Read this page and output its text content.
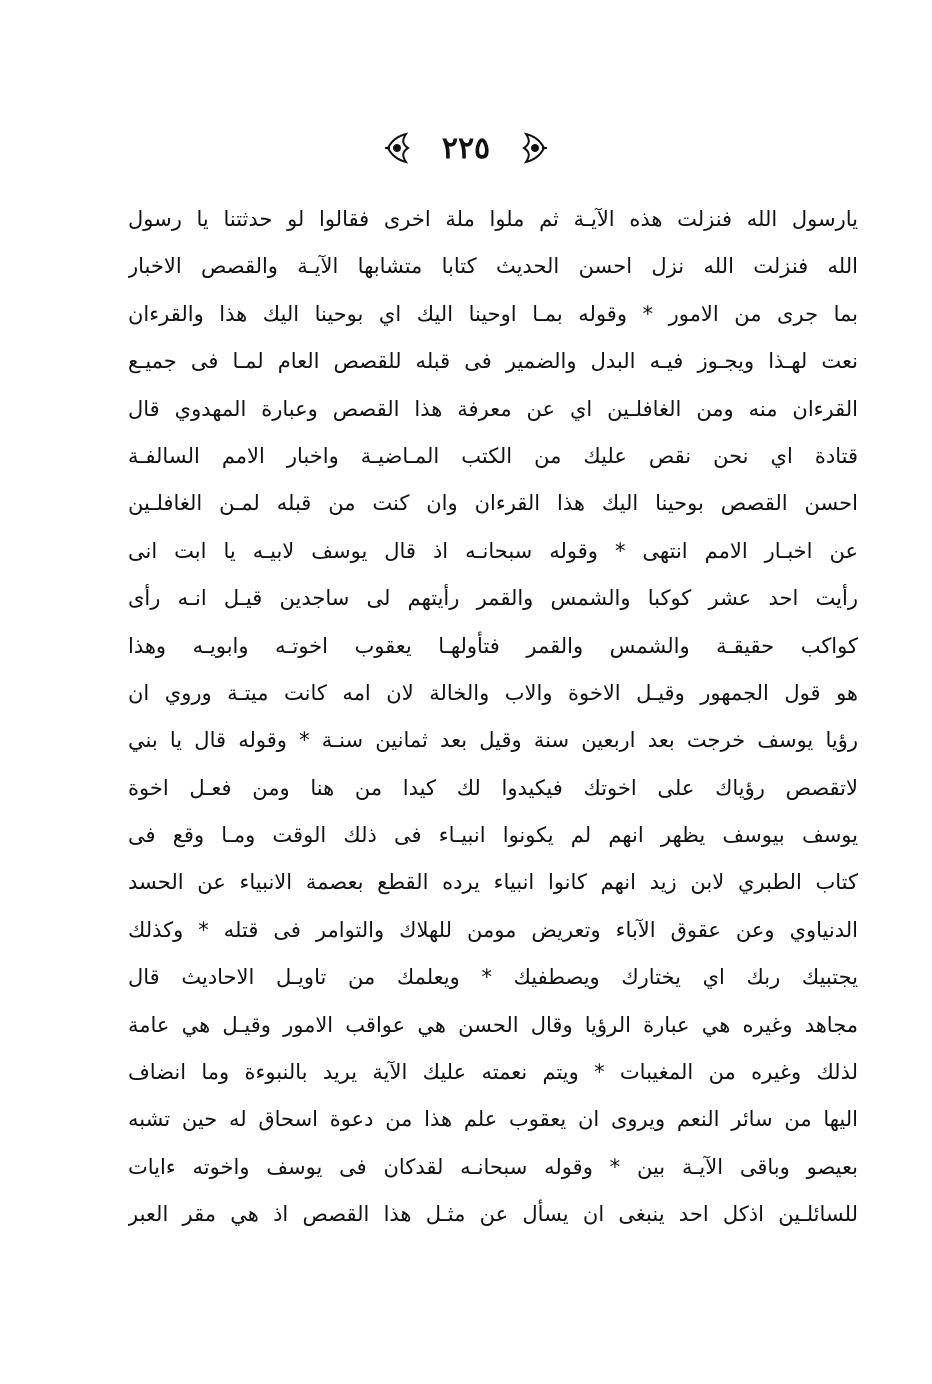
٢٢٥
يارسول الله فنزلت هذه الآيـة ثم ملوا ملة اخرى فقالوا لو حدثتنا يا رسول
الله فنزلت الله نزل احسن الحديث كتابا متشابها الآيـة والقصص الاخبار
بما جرى من الامور * وقوله بمـا اوحينا اليك اي بوحينا اليك هذا والقرءان
نعت لهـذا ويجـوز فيـه البدل والضمير فى قبله للقصص العام لمـا فى جميـع
القرءان منه ومن الغافلـين اي عن معرفة هذا القصص وعبارة المهدوي قال
قتادة اي نحن نقص عليك من الكتب المـاضيـة واخبار الامم السالفـة
احسن القصص بوحينا اليك هذا القرءان وان كنت من قبله لمـن الغافلـين
عن اخبـار الامم انتهى * وقوله سبحانـه اذ قال يوسف لابيـه يا ابت انى
رأيت احد عشر كوكبا والشمس والقمر رأيتهم لى ساجدين قيـل انـه رأى
كواكب حقيقـة والشمس والقمر فتأولهـا يعقوب اخوتـه وابويـه وهذا
هو قول الجمهور وقيـل الاخوة والاب والخالة لان امه كانت ميتـة وروي ان
رؤيا يوسف خرجت بعد اربعين سنة وقيل بعد ثمانين سنـة * وقوله قال يا بني
لاتقصص رؤياك على اخوتك فيكيدوا لك كيدا من هنا ومن فعـل اخوة
يوسف بيوسف يظهر انهم لم يكونوا انبيـاء فى ذلك الوقت ومـا وقع فى
كتاب الطبري لابن زيد انهم كانوا انبياء يرده القطع بعصمة الانبياء عن الحسد
الدنياوي وعن عقوق الآباء وتعريض مومن للهلاك والتوامر فى قتله * وكذلك
يجتبيك ربك اي يختارك ويصطفيك * ويعلمك من تاويـل الاحاديث قال
مجاهد وغيره هي عبارة الرؤيا وقال الحسن هي عواقب الامور وقيـل هي عامة
لذلك وغيره من المغيبات * ويتم نعمته عليك الآية يريد بالنبوءة وما انضاف
اليها من سائر النعم ويروى ان يعقوب علم هذا من دعوة اسحاق له حين تشبه
بعيصو وباقى الآيـة بين * وقوله سبحانـه لقدكان فى يوسف واخوته ءايات
للسائلـين اذكل احد ينبغى ان يسأل عن مثـل هذا القصص اذ هي مقر العبر
